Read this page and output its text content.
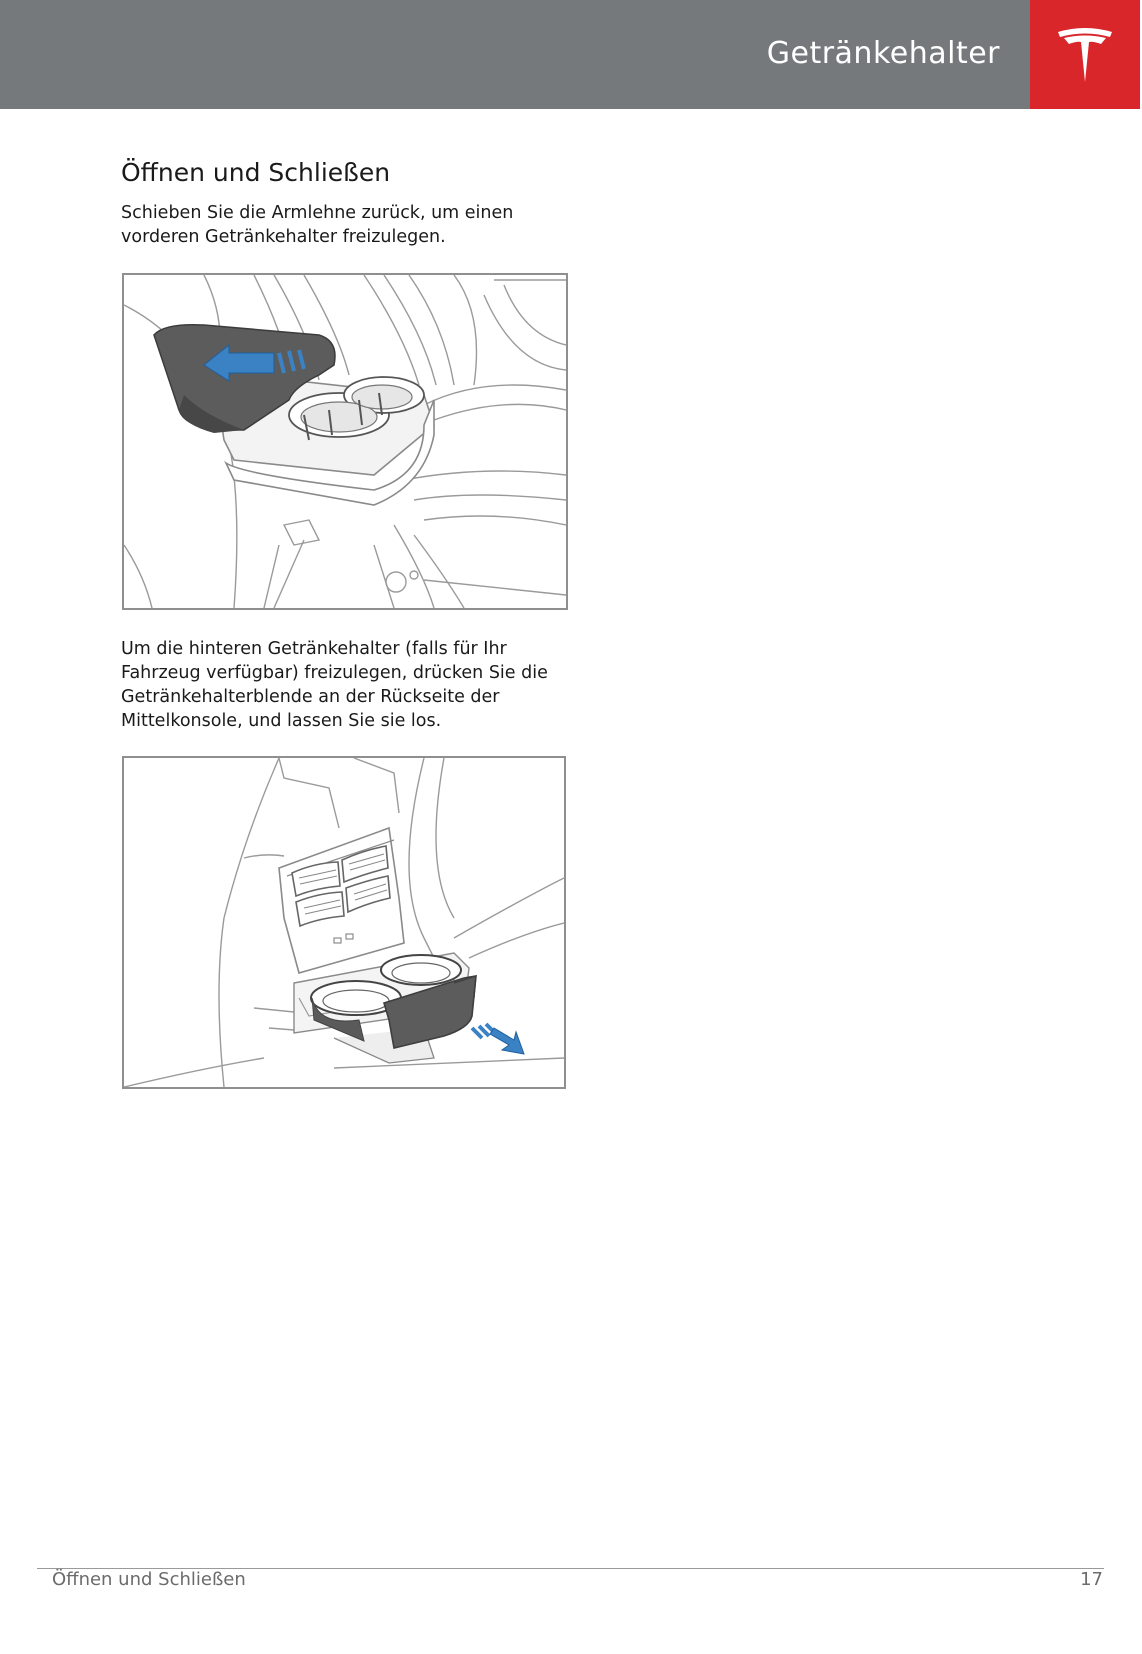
Getränkehalter
Öffnen und Schließen

Schieben Sie die Armlehne zurück, um einen vorderen Getränkehalter freizulegen.

Um die hinteren Getränkehalter (falls für Ihr Fahrzeug verfügbar) freizulegen, drücken Sie die Getränkehalterblende an der Rückseite der Mittelkonsole, und lassen Sie sie los.

Öffnen und Schließen	17
